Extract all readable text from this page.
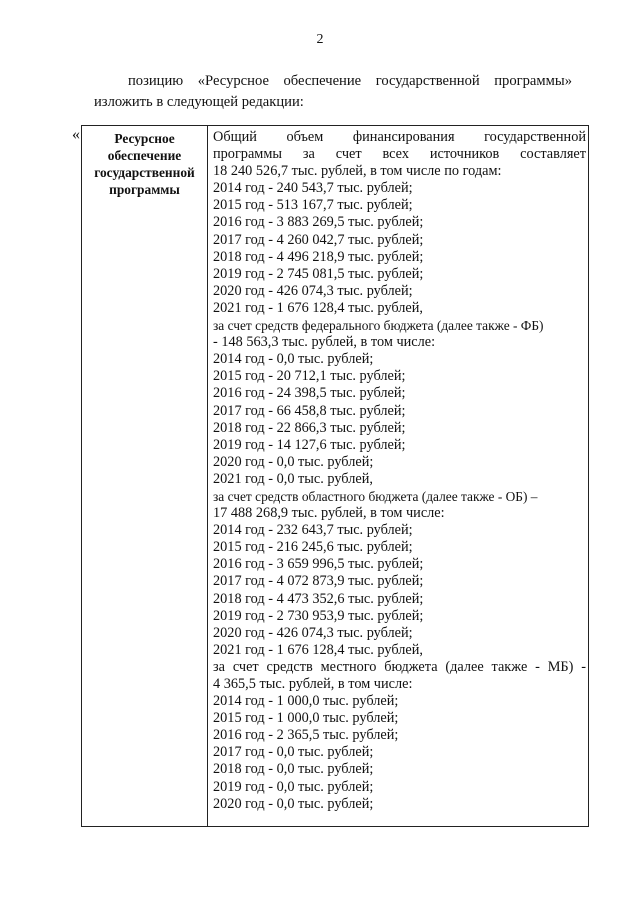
2
позицию «Ресурсное обеспечение государственной программы»
изложить в следующей редакции:
«	Ресурсное
обеспечение
государственной
программы
Общий объем финансирования государственной
программы за счет всех источников составляет
18 240 526,7 тыс. рублей, в том числе по годам:
2014 год - 240 543,7 тыс. рублей;
2015 год - 513 167,7 тыс. рублей;
2016 год - 3 883 269,5 тыс. рублей;
2017 год - 4 260 042,7 тыс. рублей;
2018 год - 4 496 218,9 тыс. рублей;
2019 год - 2 745 081,5 тыс. рублей;
2020 год - 426 074,3 тыс. рублей;
2021 год - 1 676 128,4 тыс. рублей,
за счет средств федерального бюджета (далее также - ФБ)
- 148 563,3 тыс. рублей, в том числе:
2014 год - 0,0 тыс. рублей;
2015 год - 20 712,1 тыс. рублей;
2016 год - 24 398,5 тыс. рублей;
2017 год - 66 458,8 тыс. рублей;
2018 год - 22 866,3 тыс. рублей;
2019 год - 14 127,6 тыс. рублей;
2020 год - 0,0 тыс. рублей;
2021 год - 0,0 тыс. рублей,
за счет средств областного бюджета (далее также - ОБ) –
17 488 268,9 тыс. рублей, в том числе:
2014 год - 232 643,7 тыс. рублей;
2015 год - 216 245,6 тыс. рублей;
2016 год - 3 659 996,5 тыс. рублей;
2017 год - 4 072 873,9 тыс. рублей;
2018 год - 4 473 352,6 тыс. рублей;
2019 год - 2 730 953,9 тыс. рублей;
2020 год - 426 074,3 тыс. рублей;
2021 год - 1 676 128,4 тыс. рублей,
за счет средств местного бюджета (далее также - МБ) -
4 365,5 тыс. рублей, в том числе:
2014 год - 1 000,0 тыс. рублей;
2015 год - 1 000,0 тыс. рублей;
2016 год - 2 365,5 тыс. рублей;
2017 год - 0,0 тыс. рублей;
2018 год - 0,0 тыс. рублей;
2019 год - 0,0 тыс. рублей;
2020 год - 0,0 тыс. рублей;
